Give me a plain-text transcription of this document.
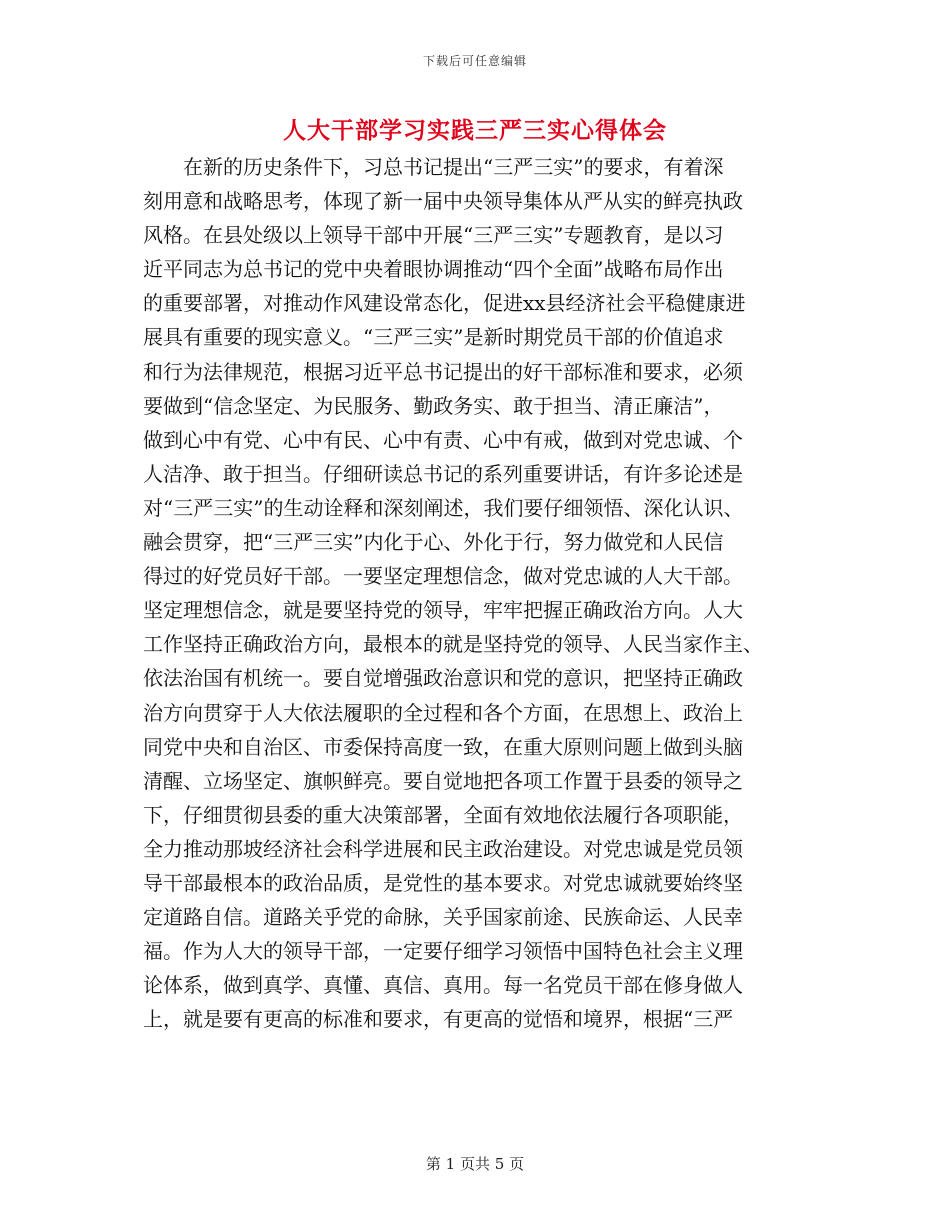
下载后可任意编辑
人大干部学习实践三严三实心得体会
在新的历史条件下，习总书记提出“三严三实”的要求，有着深
刻用意和战略思考，体现了新一届中央领导集体从严从实的鲜亮执政
风格。在县处级以上领导干部中开展“三严三实”专题教育，是以习
近平同志为总书记的党中央着眼协调推动“四个全面”战略布局作出
的重要部署，对推动作风建设常态化，促进xx县经济社会平稳健康进
展具有重要的现实意义。“三严三实”是新时期党员干部的价值追求
和行为法律规范，根据习近平总书记提出的好干部标准和要求，必须
要做到“信念坚定、为民服务、勤政务实、敢于担当、清正廉洁”，
做到心中有党、心中有民、心中有责、心中有戒，做到对党忠诚、个
人洁净、敢于担当。仔细研读总书记的系列重要讲话，有许多论述是
对“三严三实”的生动诠释和深刻阐述，我们要仔细领悟、深化认识、
融会贯穿，把“三严三实”内化于心、外化于行，努力做党和人民信
得过的好党员好干部。一要坚定理想信念，做对党忠诚的人大干部。
坚定理想信念，就是要坚持党的领导，牢牢把握正确政治方向。人大
工作坚持正确政治方向，最根本的就是坚持党的领导、人民当家作主、
依法治国有机统一。要自觉增强政治意识和党的意识，把坚持正确政
治方向贯穿于人大依法履职的全过程和各个方面，在思想上、政治上
同党中央和自治区、市委保持高度一致，在重大原则问题上做到头脑
清醒、立场坚定、旗帜鲜亮。要自觉地把各项工作置于县委的领导之
下，仔细贯彻县委的重大决策部署，全面有效地依法履行各项职能，
全力推动那坡经济社会科学进展和民主政治建设。对党忠诚是党员领
导干部最根本的政治品质，是党性的基本要求。对党忠诚就要始终坚
定道路自信。道路关乎党的命脉，关乎国家前途、民族命运、人民幸
福。作为人大的领导干部，一定要仔细学习领悟中国特色社会主义理
论体系，做到真学、真懂、真信、真用。每一名党员干部在修身做人
上，就是要有更高的标准和要求，有更高的觉悟和境界，根据“三严
第 1 页共 5 页
